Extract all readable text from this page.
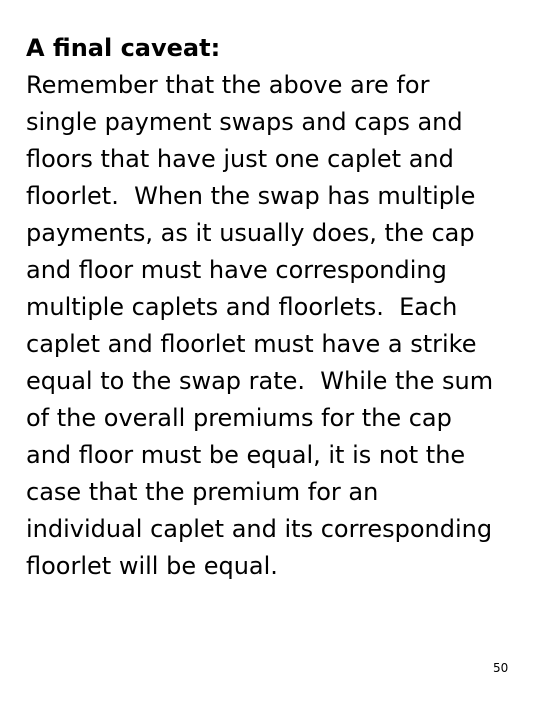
A final caveat:
Remember that the above are for
single payment swaps and caps and
floors that have just one caplet and
floorlet.  When the swap has multiple
payments, as it usually does, the cap
and floor must have corresponding
multiple caplets and floorlets.  Each
caplet and floorlet must have a strike
equal to the swap rate.  While the sum
of the overall premiums for the cap
and floor must be equal, it is not the
case that the premium for an
individual caplet and its corresponding
floorlet will be equal.
50
